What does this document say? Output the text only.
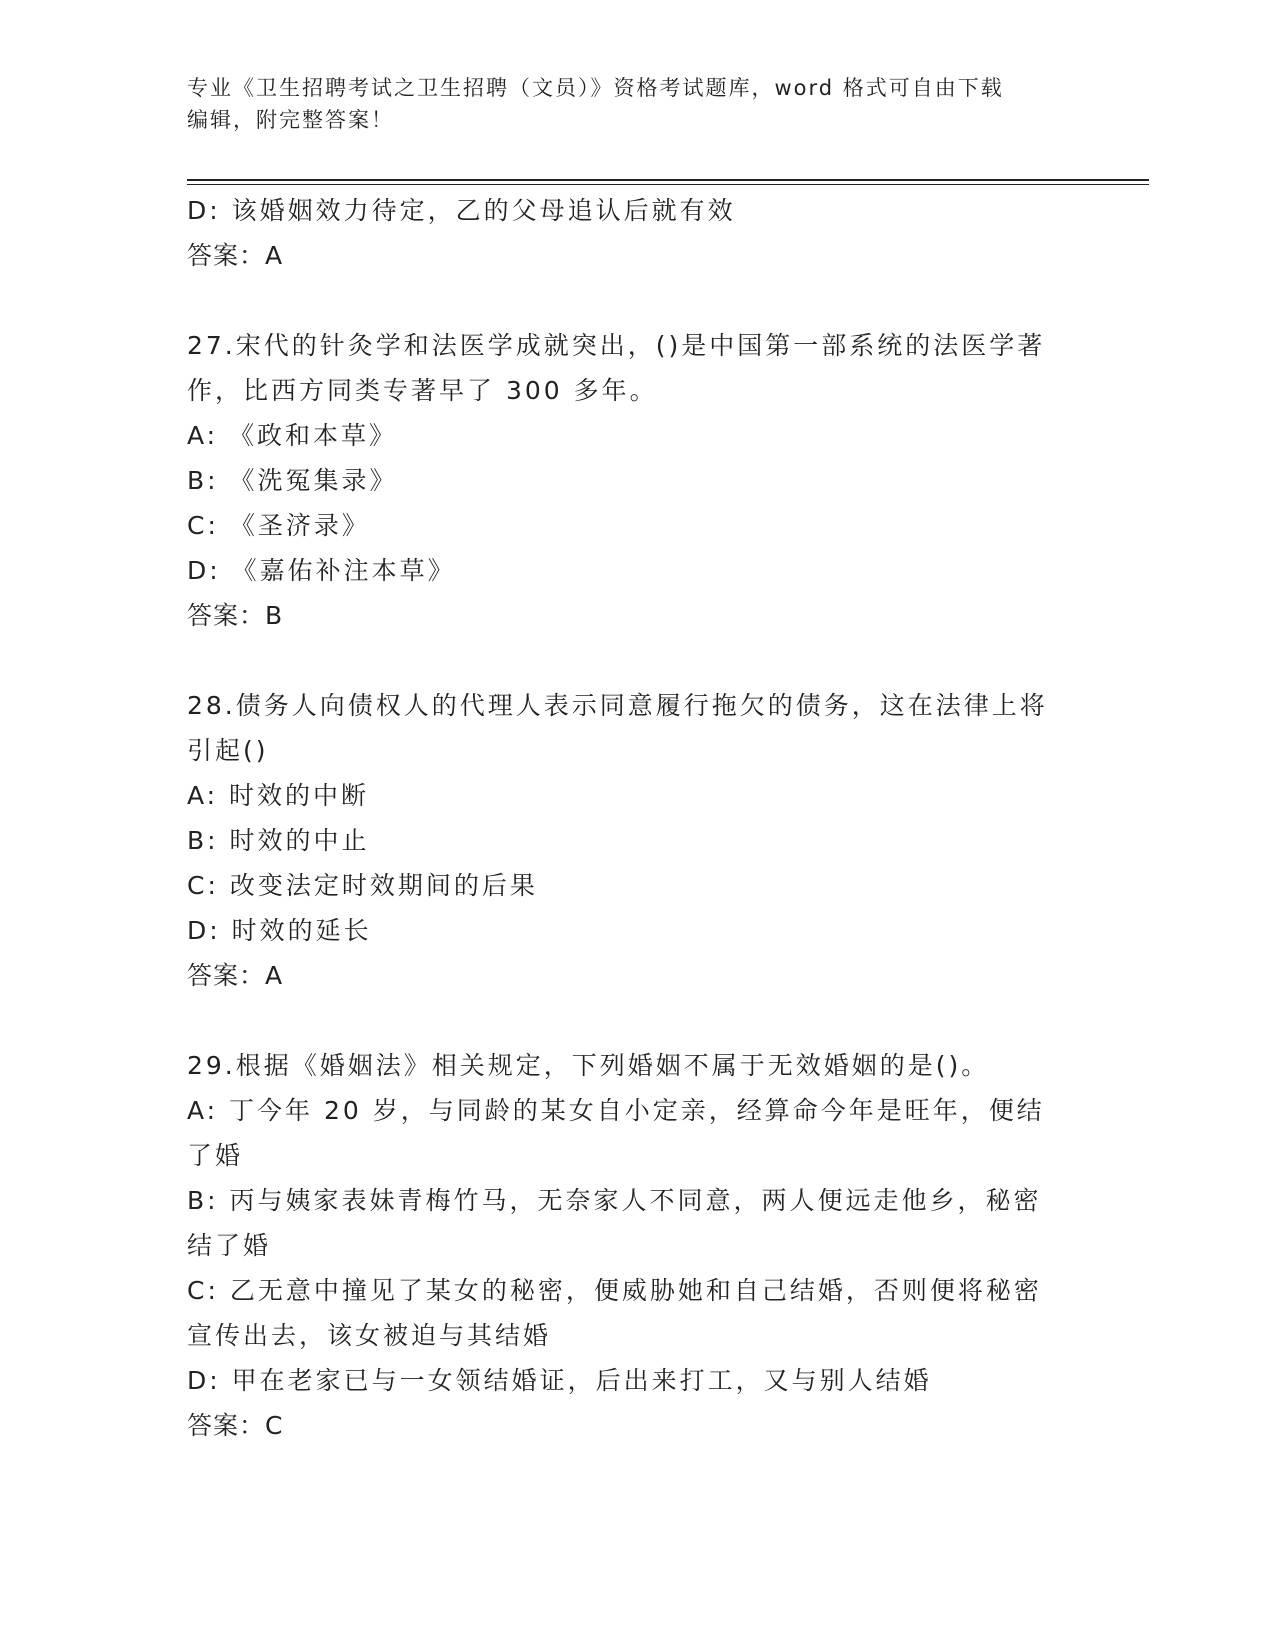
专业《卫生招聘考试之卫生招聘（文员）》资格考试题库，word 格式可自由下载
编辑，附完整答案！

D: 该婚姻效力待定，乙的父母追认后就有效

答案：A

27.宋代的针灸学和法医学成就突出，()是中国第一部系统的法医学著

作，比西方同类专著早了 300 多年。

A: 《政和本草》

B: 《洗冤集录》

C: 《圣济录》

D: 《嘉佑补注本草》

答案：B

28.债务人向债权人的代理人表示同意履行拖欠的债务，这在法律上将

引起()

A: 时效的中断

B: 时效的中止

C: 改变法定时效期间的后果

D: 时效的延长

答案：A

29.根据《婚姻法》相关规定，下列婚姻不属于无效婚姻的是()。

A: 丁今年 20 岁，与同龄的某女自小定亲，经算命今年是旺年，便结

了婚

B: 丙与姨家表妹青梅竹马，无奈家人不同意，两人便远走他乡，秘密

结了婚

C: 乙无意中撞见了某女的秘密，便威胁她和自己结婚，否则便将秘密

宣传出去，该女被迫与其结婚

D: 甲在老家已与一女领结婚证，后出来打工，又与别人结婚

答案：C
